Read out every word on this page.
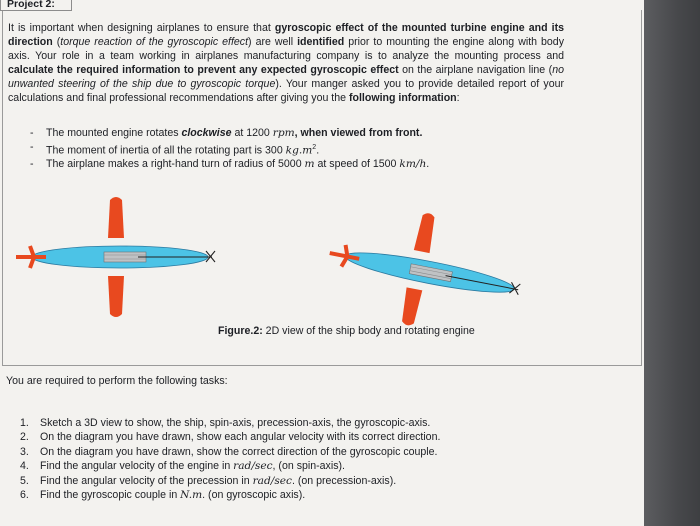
Project 2:

It is important when designing airplanes to ensure that gyroscopic effect of the mounted turbine engine and its direction (torque reaction of the gyroscopic effect) are well identified prior to mounting the engine along with body axis. Your role in a team working in airplanes manufacturing company is to analyze the mounting process and calculate the required information to prevent any expected gyroscopic effect on the airplane navigation line (no unwanted steering of the ship due to gyroscopic torque). Your manger asked you to provide detailed report of your calculations and final professional recommendations after giving you the following information:

- The mounted engine rotates clockwise at 1200 rpm, when viewed from front.
- The moment of inertia of all the rotating part is 300 $kg.m^2$.
- The airplane makes a right-hand turn of radius of 5000 m at speed of 1500 km/h.
Figure.2: 2D view of the ship body and rotating engine
You are required to perform the following tasks:
1. Sketch a 3D view to show, the ship, spin-axis, precession-axis, the gyroscopic-axis.
2. On the diagram you have drawn, show each angular velocity with its correct direction.
3. On the diagram you have drawn, show the correct direction of the gyroscopic couple.
4. Find the angular velocity of the engine in rad/sec, (on spin-axis).
5. Find the angular velocity of the precession in rad/sec. (on precession-axis).
6. Find the gyroscopic couple in N.m. (on gyroscopic axis).
